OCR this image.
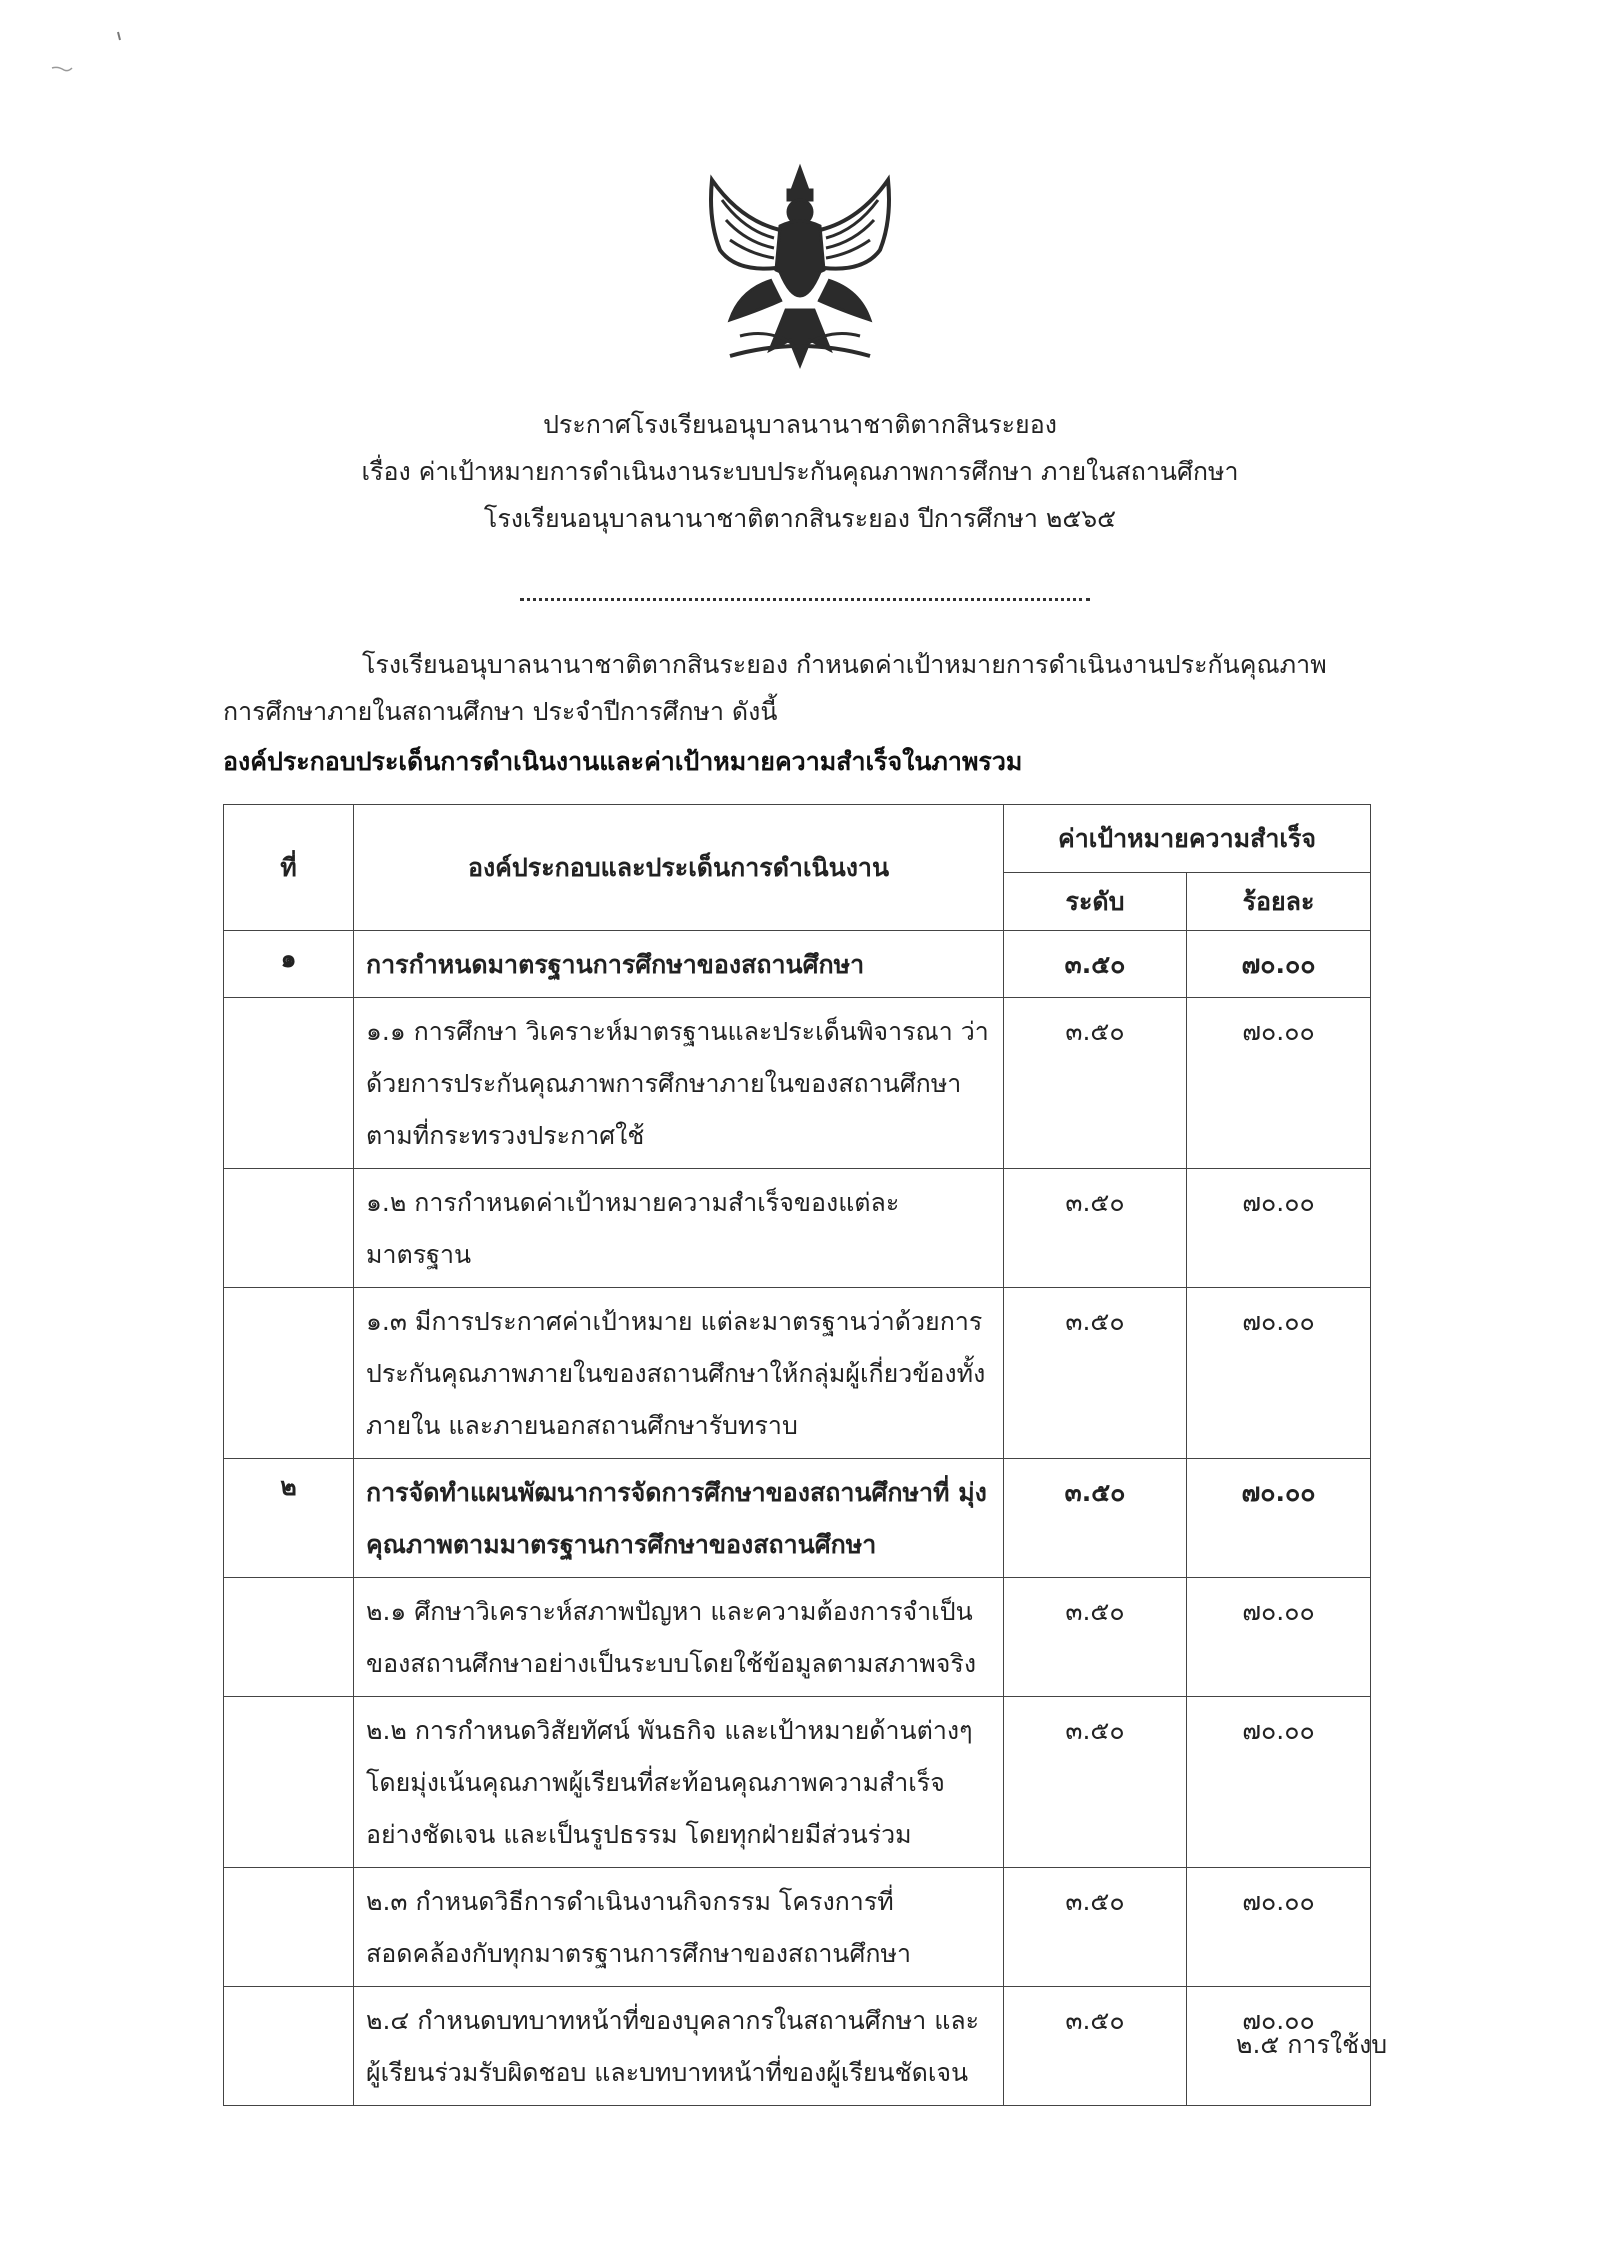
ประกาศโรงเรียนอนุบาลนานาชาติตากสินระยอง
เรื่อง ค่าเป้าหมายการดำเนินงานระบบประกันคุณภาพการศึกษา ภายในสถานศึกษา
โรงเรียนอนุบาลนานาชาติตากสินระยอง ปีการศึกษา ๒๕๖๕
โรงเรียนอนุบาลนานาชาติตากสินระยอง กำหนดค่าเป้าหมายการดำเนินงานประกันคุณภาพ
การศึกษาภายในสถานศึกษา ประจำปีการศึกษา ดังนี้
องค์ประกอบประเด็นการดำเนินงานและค่าเป้าหมายความสำเร็จในภาพรวม
ที่	องค์ประกอบและประเด็นการดำเนินงาน	ค่าเป้าหมายความสำเร็จ	
		ระดับ	ร้อยละ
๑	การกำหนดมาตรฐานการศึกษาของสถานศึกษา	๓.๕๐	๗๐.๐๐
	๑.๑ การศึกษา วิเคราะห์มาตรฐานและประเด็นพิจารณา ว่าด้วยการประกันคุณภาพการศึกษาภายในของสถานศึกษา ตามที่กระทรวงประกาศใช้	๓.๕๐	๗๐.๐๐
	๑.๒ การกำหนดค่าเป้าหมายความสำเร็จของแต่ละ มาตรฐาน	๓.๕๐	๗๐.๐๐
	๑.๓ มีการประกาศค่าเป้าหมาย แต่ละมาตรฐานว่าด้วยการ ประกันคุณภาพภายในของสถานศึกษาให้กลุ่มผู้เกี่ยวข้องทั้ง ภายใน และภายนอกสถานศึกษารับทราบ	๓.๕๐	๗๐.๐๐
๒	การจัดทำแผนพัฒนาการจัดการศึกษาของสถานศึกษาที่ มุ่งคุณภาพตามมาตรฐานการศึกษาของสถานศึกษา	๓.๕๐	๗๐.๐๐
	๒.๑ ศึกษาวิเคราะห์สภาพปัญหา และความต้องการจำเป็น ของสถานศึกษาอย่างเป็นระบบโดยใช้ข้อมูลตามสภาพจริง	๓.๕๐	๗๐.๐๐
	๒.๒ การกำหนดวิสัยทัศน์ พันธกิจ และเป้าหมายด้านต่างๆ โดยมุ่งเน้นคุณภาพผู้เรียนที่สะท้อนคุณภาพความสำเร็จ อย่างชัดเจน และเป็นรูปธรรม โดยทุกฝ่ายมีส่วนร่วม	๓.๕๐	๗๐.๐๐
	๒.๓ กำหนดวิธีการดำเนินงานกิจกรรม โครงการที่ สอดคล้องกับทุกมาตรฐานการศึกษาของสถานศึกษา	๓.๕๐	๗๐.๐๐
	๒.๔ กำหนดบทบาทหน้าที่ของบุคลากรในสถานศึกษา และ ผู้เรียนร่วมรับผิดชอบ และบทบาทหน้าที่ของผู้เรียนชัดเจน	๓.๕๐	๗๐.๐๐
๒.๕ การใช้งบ
